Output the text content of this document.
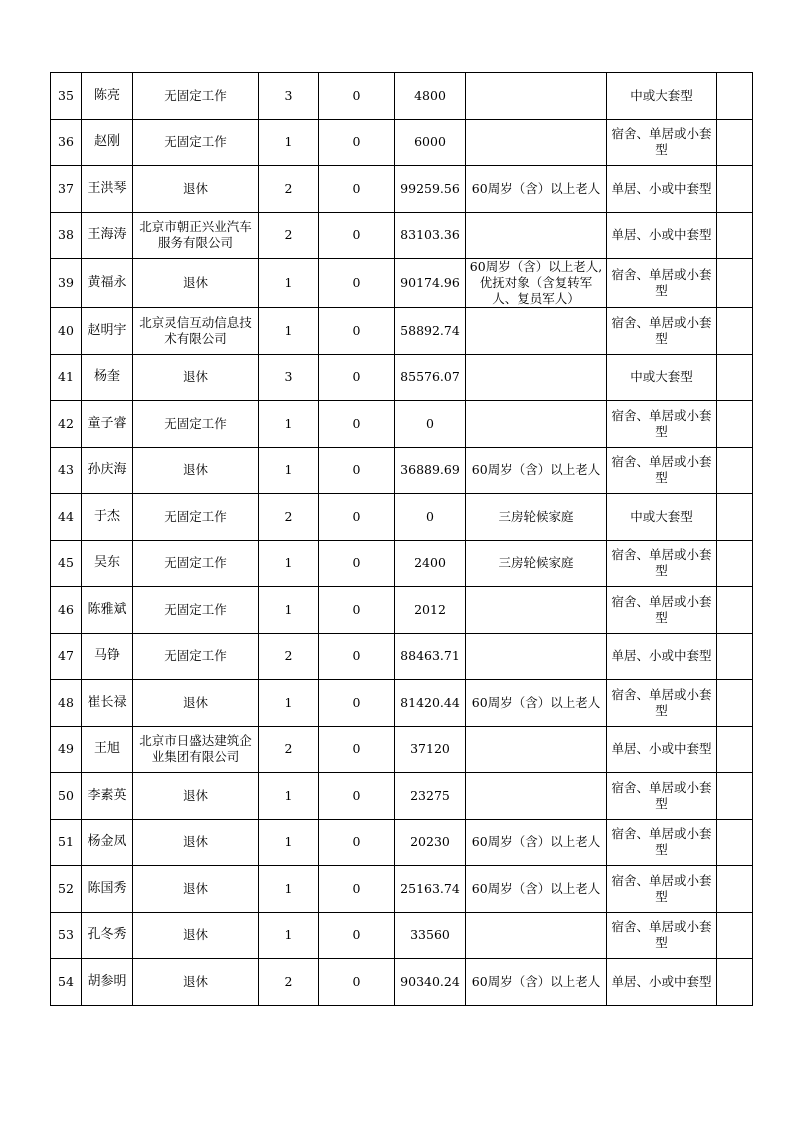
35	陈亮	无固定工作	3	0	4800		中或大套型	
36	赵刚	无固定工作	1	0	6000		宿舍、单居或小套型	
37	王洪琴	退休	2	0	99259.56	60周岁（含）以上老人	单居、小或中套型	
38	王海涛	北京市朝正兴业汽车服务有限公司	2	0	83103.36		单居、小或中套型	
39	黄福永	退休	1	0	90174.96	60周岁（含）以上老人,优抚对象（含复转军人、复员军人）	宿舍、单居或小套型	
40	赵明宇	北京灵信互动信息技术有限公司	1	0	58892.74		宿舍、单居或小套型	
41	杨奎	退休	3	0	85576.07		中或大套型	
42	童子睿	无固定工作	1	0	0		宿舍、单居或小套型	
43	孙庆海	退休	1	0	36889.69	60周岁（含）以上老人	宿舍、单居或小套型	
44	于杰	无固定工作	2	0	0	三房轮候家庭	中或大套型	
45	吴东	无固定工作	1	0	2400	三房轮候家庭	宿舍、单居或小套型	
46	陈雅斌	无固定工作	1	0	2012		宿舍、单居或小套型	
47	马铮	无固定工作	2	0	88463.71		单居、小或中套型	
48	崔长禄	退休	1	0	81420.44	60周岁（含）以上老人	宿舍、单居或小套型	
49	王旭	北京市日盛达建筑企业集团有限公司	2	0	37120		单居、小或中套型	
50	李素英	退休	1	0	23275		宿舍、单居或小套型	
51	杨金凤	退休	1	0	20230	60周岁（含）以上老人	宿舍、单居或小套型	
52	陈国秀	退休	1	0	25163.74	60周岁（含）以上老人	宿舍、单居或小套型	
53	孔冬秀	退休	1	0	33560		宿舍、单居或小套型	
54	胡参明	退休	2	0	90340.24	60周岁（含）以上老人	单居、小或中套型	
